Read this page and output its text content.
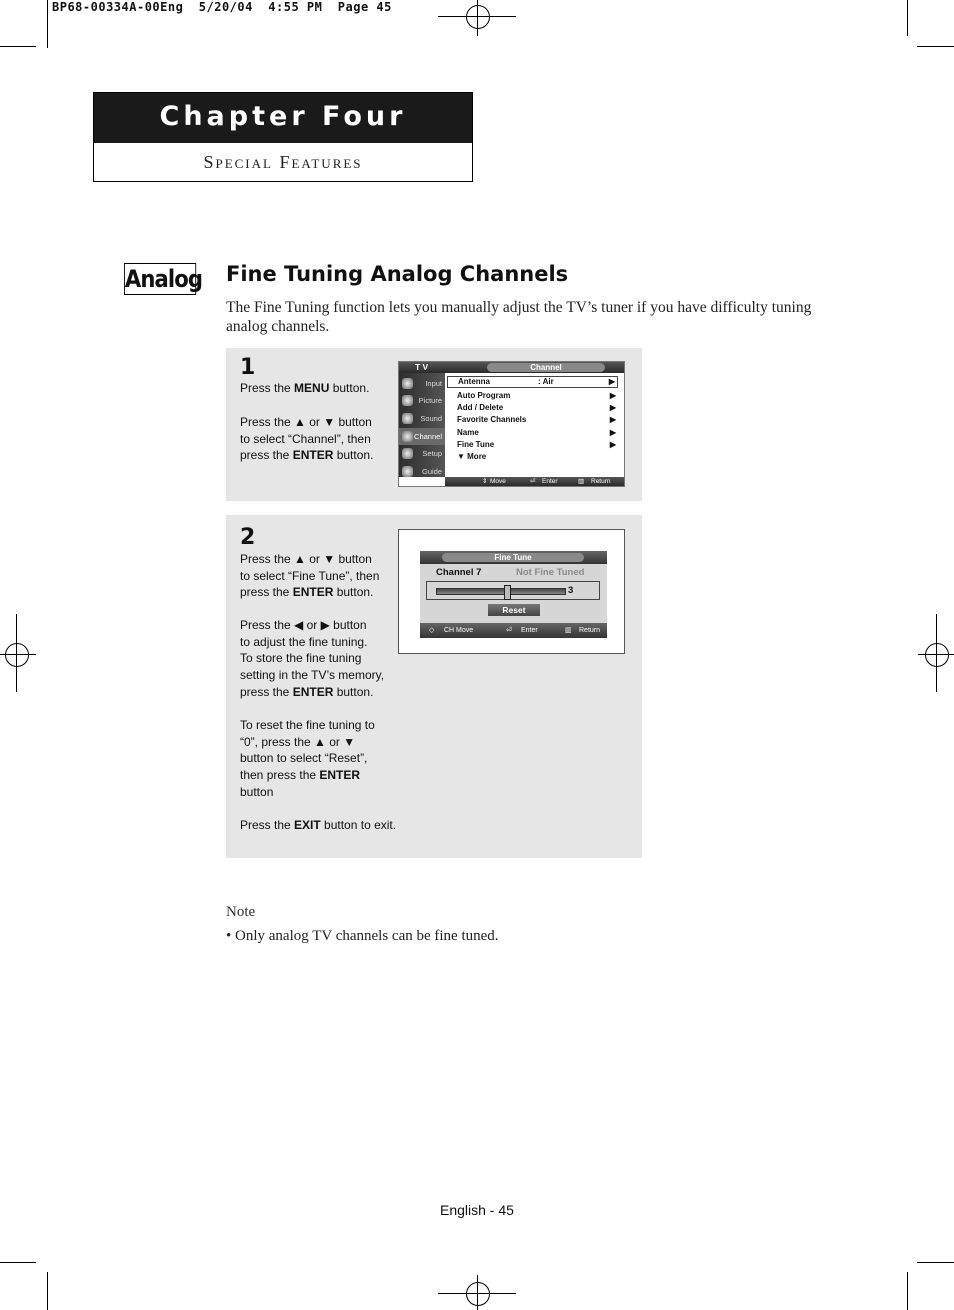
BP68-00334A-00Eng  5/20/04  4:55 PM  Page 45
Chapter Four
Special Features
Analog Fine Tuning Analog Channels
The Fine Tuning function lets you manually adjust the TV’s tuner if you have difficulty tuning analog channels.
1
Press the MENU button.
Press the ▲ or ▼ button
to select “Channel”, then
press the ENTER button.
T V	Channel
Input
Picture
Sound
Channel
Setup
Guide
Antenna	: Air	▶
Auto Program	▶
Add / Delete	▶
Favorite Channels	▶
Name	▶
Fine Tune	▶
▼ More
⇕ Move	⏎ Enter	▥ Return
2
Press the ▲ or ▼ button
to select “Fine Tune”, then
press the ENTER button.
Press the ◀ or ▶ button
to adjust the fine tuning.
To store the fine tuning
setting in the TV’s memory,
press the ENTER button.
To reset the fine tuning to
“0”, press the ▲ or ▼
button to select “Reset”,
then press the ENTER
button
Press the EXIT button to exit.
Fine Tune
Channel 7	Not Fine Tuned
3
Reset
◇ CH Move	⏎ Enter	▥ Return
Note
• Only analog TV channels can be fine tuned.
English - 45
